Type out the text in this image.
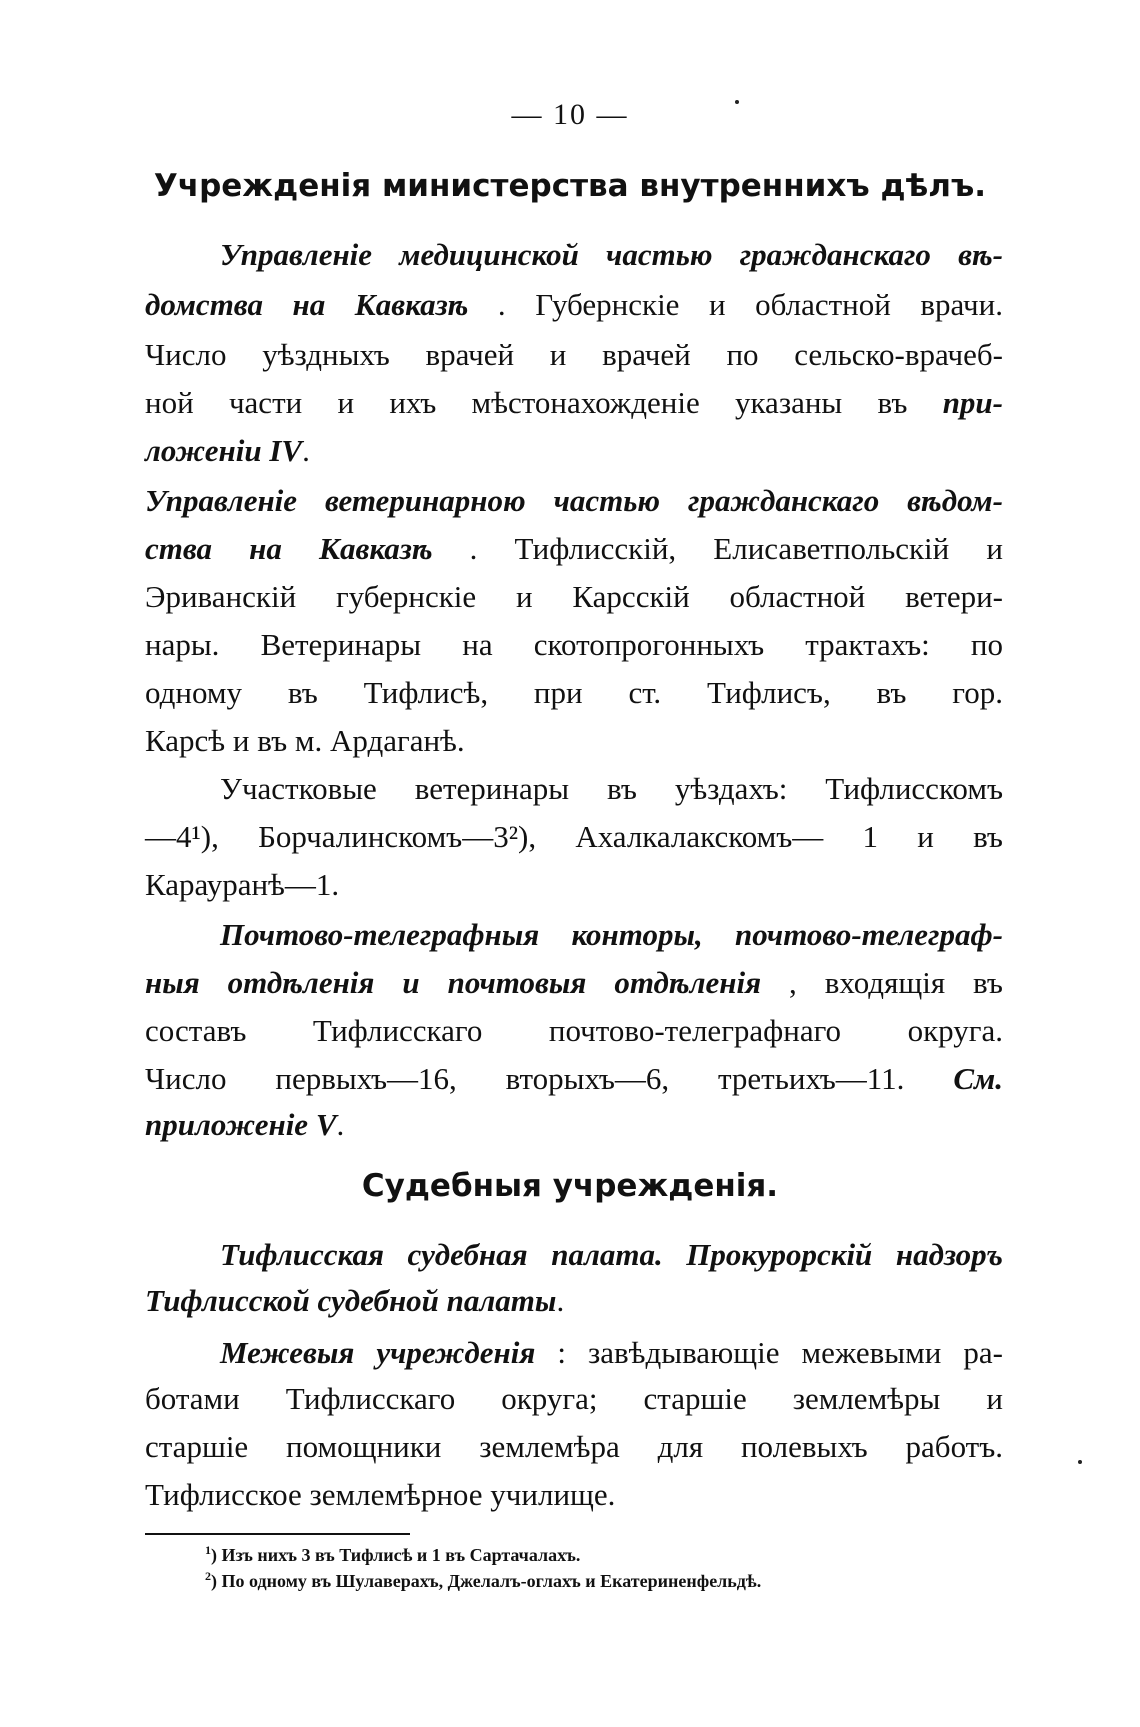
— 10 —
Учрежденія министерства внутреннихъ дѣлъ.
Управленіе медицинской частью гражданскаго вѣ-
домства на Кавказѣ . Губернскіе и областной врачи.
Число уѣздныхъ врачей и врачей по сельско-врачеб-
ной части и ихъ мѣстонахожденіе указаны въ при-
ложеніи IV.
Управленіе ветеринарною частью гражданскаго вѣдом-
ства на Кавказѣ . Тифлисскій, Елисаветпольскій и
Эриванскій губернскіе и Карсскій областной ветери-
нары. Ветеринары на скотопрогонныхъ трактахъ: по
одному въ Тифлисѣ, при ст. Тифлисъ, въ гор.
Карсѣ и въ м. Ардаганѣ.
Участковые ветеринары въ уѣздахъ: Тифлисскомъ
—4¹), Борчалинскомъ—3²), Ахалкалакскомъ— 1 и въ
Карауранѣ—1.
Почтово-телеграфныя конторы, почтово-телеграф-
ныя отдѣленія и почтовыя отдѣленія , входящія въ
составъ Тифлисскаго почтово-телеграфнаго округа.
Число первыхъ—16, вторыхъ—6, третьихъ—11. См.
приложеніе V.
Судебныя учрежденія.
Тифлисская судебная палата. Прокурорскій надзоръ
Тифлисской судебной палаты.
Межевыя учрежденія : завѣдывающіе межевыми ра-
ботами Тифлисскаго округа; старшіе землемѣры и
старшіе помощники землемѣра для полевыхъ работъ.
Тифлисское землемѣрное училище.
$^1$) Изъ нихъ 3 въ Тифлисѣ и 1 въ Сартачалахъ.
$^2$) По одному въ Шулаверахъ, Джелалъ-оглахъ и Екатериненфельдѣ.
